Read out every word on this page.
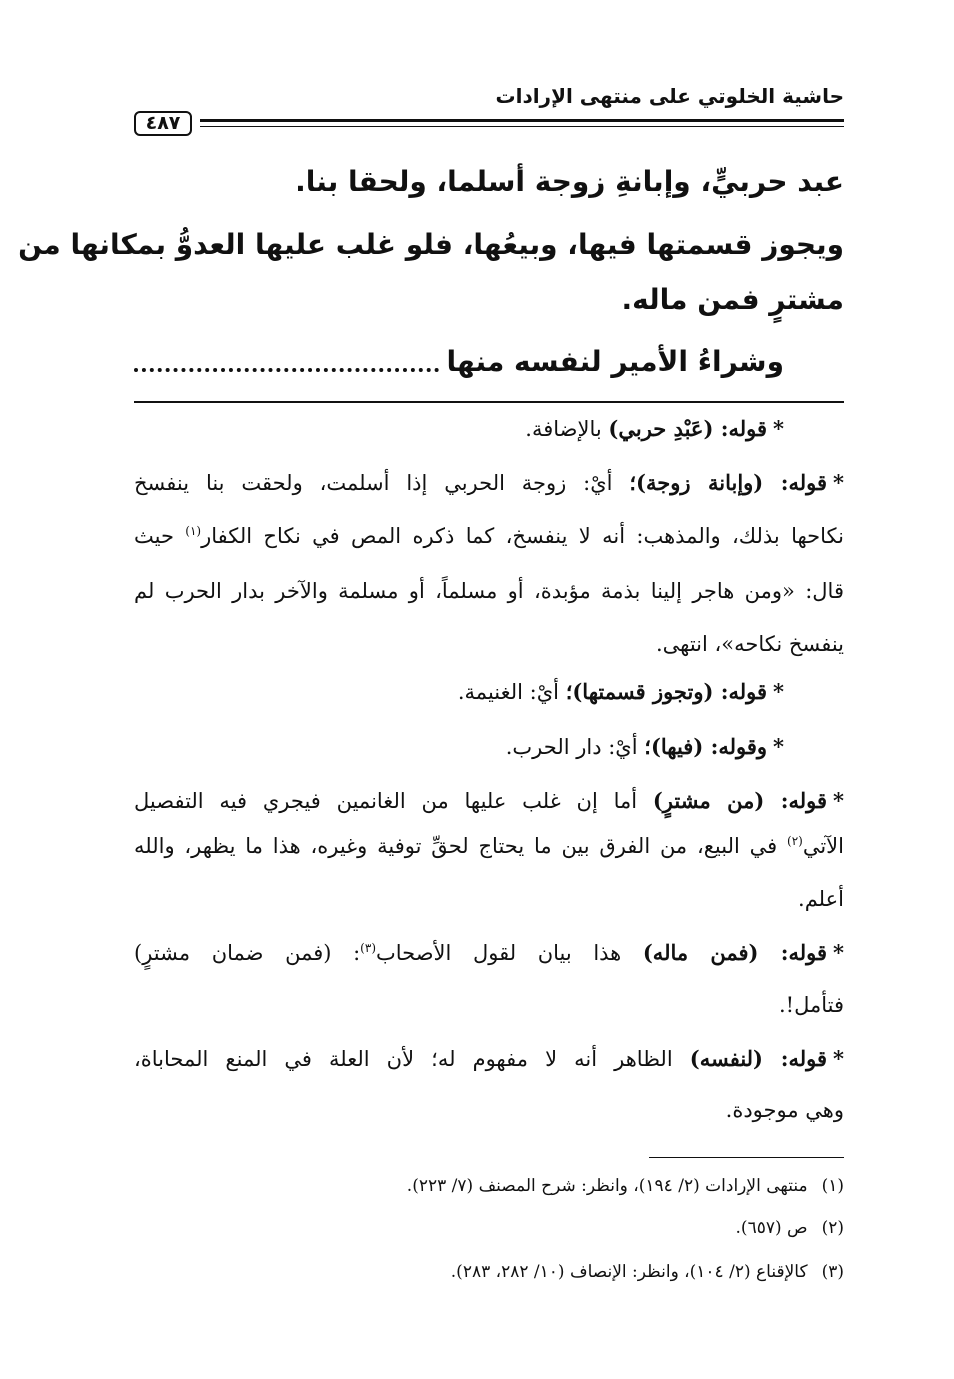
حاشية الخلوتي على منتهى الإرادات
٤٨٧
عبد حربيٍّ، وإبانةِ زوجة أسلما، ولحقا بنا.
ويجوز قسمتها فيها، وبيعُها، فلو غلب عليها العدوُّ بمكانها من
مشترٍ فمن ماله.
وشراءُ الأمير لنفسه منها
*قوله: (عَبْدِ حربي) بالإضافة.
*قوله: (وإبانة زوجة)؛ أيْ: زوجة الحربي إذا أسلمت، ولحقت بنا ينفسخ
نكاحها بذلك، والمذهب: أنه لا ينفسخ، كما ذكره المص في نكاح الكفار$^{(١)}$ حيث
قال: «ومن هاجر إلينا بذمة مؤبدة، أو مسلماً، أو مسلمة والآخر بدار الحرب لم
ينفسخ نكاحه»، انتهى.
*قوله: (وتجوز قسمتها)؛ أيْ: الغنيمة.
*وقوله: (فيها)؛ أيْ: دار الحرب.
*قوله: (من مشترٍ) أما إن غلب عليها من الغانمين فيجري فيه التفصيل
الآتي$^{(٢)}$ في البيع، من الفرق بين ما يحتاج لحقِّ توفية وغيره، هذا ما يظهر، والله
أعلم.
*قوله: (فمن ماله) هذا بيان لقول الأصحاب$^{(٣)}$: (فمن ضمان مشترٍ)
فتأمل!.
*قوله: (لنفسه) الظاهر أنه لا مفهوم له؛ لأن العلة في المنع المحاباة،
وهي موجودة.
(١)منتهى الإرادات (٢/ ١٩٤)، وانظر: شرح المصنف (٧/ ٢٢٣).
(٢)ص (٦٥٧).
(٣)كالإقناع (٢/ ١٠٤)، وانظر: الإنصاف (١٠/ ٢٨٢، ٢٨٣).
